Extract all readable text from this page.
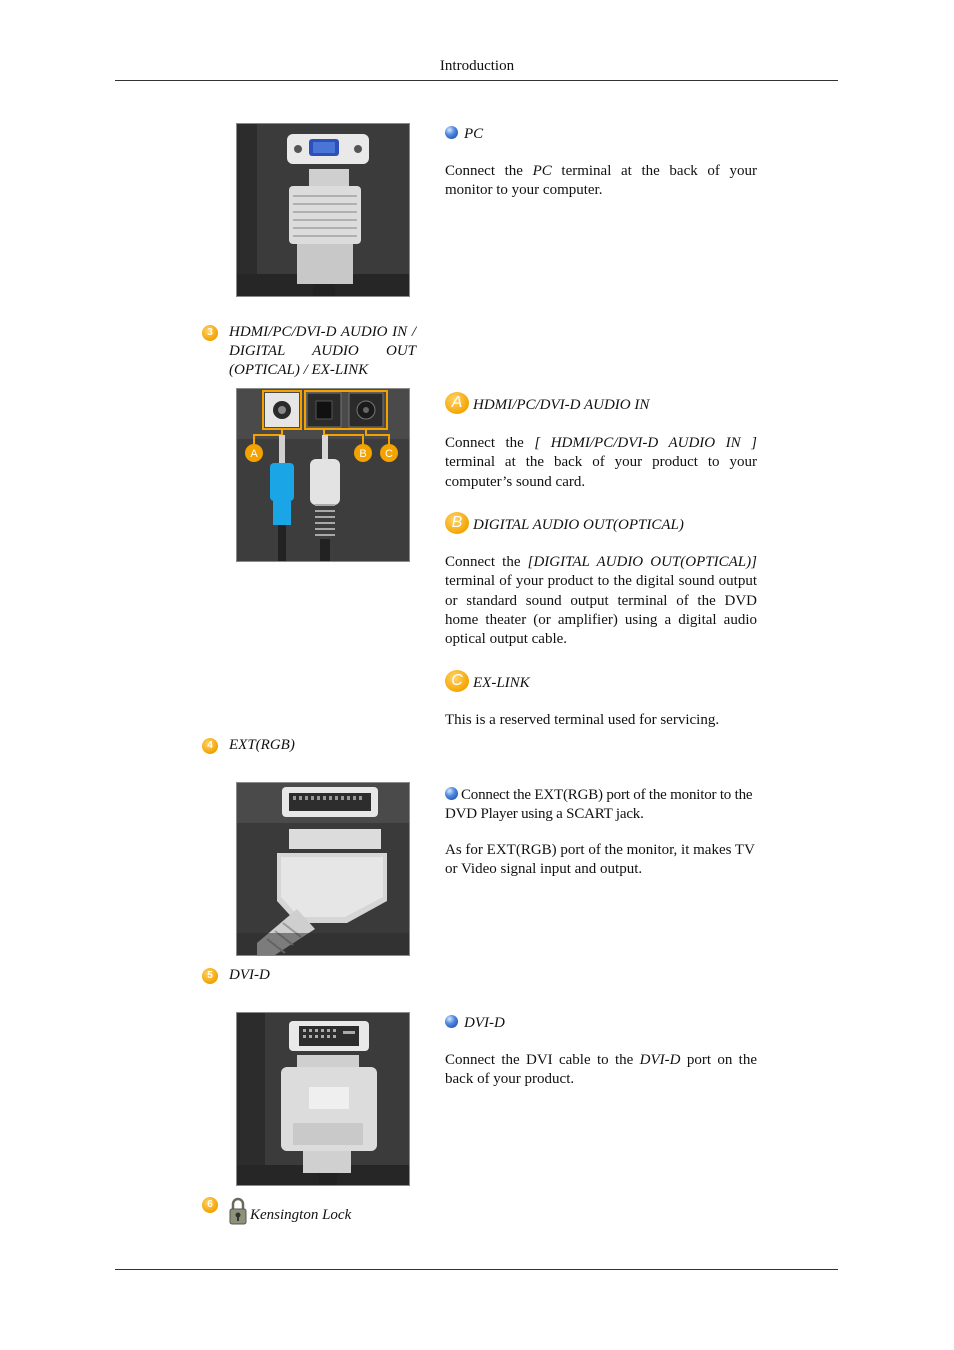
Introduction
PC
Connect the PC terminal at the back of your monitor to your computer.
3	HDMI/PC/DVI-D AUDIO IN / DIGITAL AUDIO OUT (OPTICAL) / EX-LINK
A	B C
A HDMI/PC/DVI-D AUDIO IN
Connect the [ HDMI/PC/DVI-D AUDIO IN ] terminal at the back of your product to your computer’s sound card.
B DIGITAL AUDIO OUT(OPTICAL)
Connect the [DIGITAL AUDIO OUT(OPTICAL)] terminal of your product to the digital sound output or standard sound output terminal of the DVD home theater (or amplifier) using a digital audio optical output cable.
C EX-LINK
This is a reserved terminal used for servicing.
4	EXT(RGB)
Connect the EXT(RGB) port of the monitor to the DVD Player using a SCART jack.
As for EXT(RGB) port of the monitor, it makes TV or Video signal input and output.
5	DVI-D
DVI-D
Connect the DVI cable to the DVI-D port on the back of your product.
6
Kensington Lock
